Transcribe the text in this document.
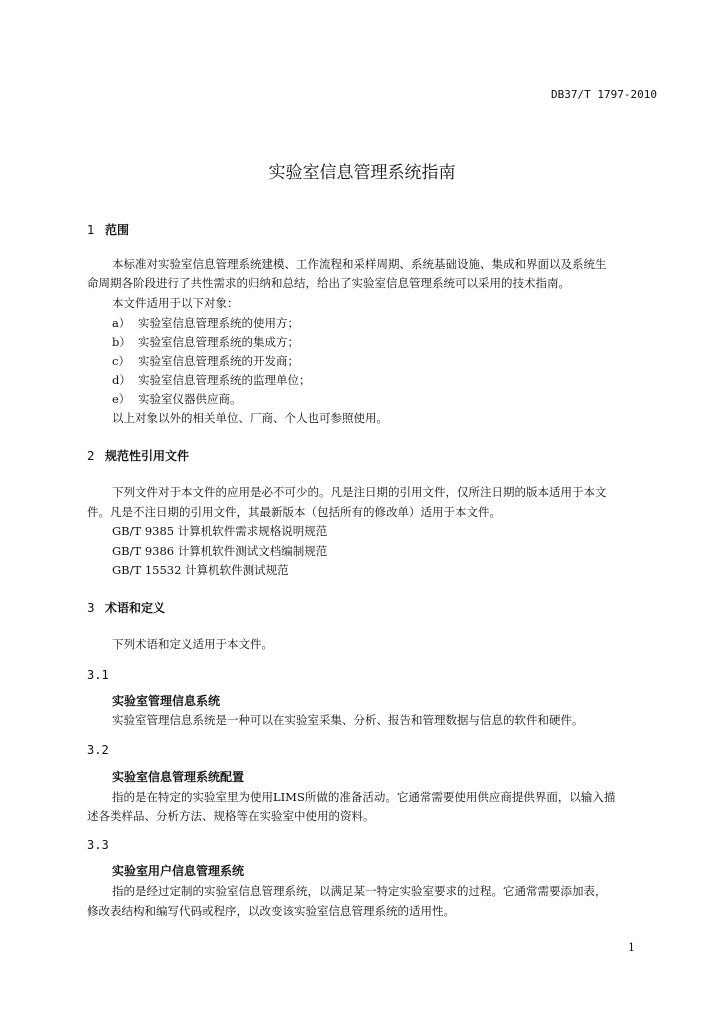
DB37/T 1797-2010
实验室信息管理系统指南
1 范围
本标准对实验室信息管理系统建模、工作流程和采样周期、系统基础设施、集成和界面以及系统生
命周期各阶段进行了共性需求的归纳和总结，给出了实验室信息管理系统可以采用的技术指南。
本文件适用于以下对象：
a） 实验室信息管理系统的使用方；
b） 实验室信息管理系统的集成方；
c） 实验室信息管理系统的开发商；
d） 实验室信息管理系统的监理单位；
e） 实验室仪器供应商。
以上对象以外的相关单位、厂商、个人也可参照使用。
2 规范性引用文件
下列文件对于本文件的应用是必不可少的。凡是注日期的引用文件，仅所注日期的版本适用于本文
件。凡是不注日期的引用文件，其最新版本（包括所有的修改单）适用于本文件。
GB/T 9385 计算机软件需求规格说明规范
GB/T 9386 计算机软件测试文档编制规范
GB/T 15532 计算机软件测试规范
3 术语和定义
下列术语和定义适用于本文件。
3.1
实验室管理信息系统
实验室管理信息系统是一种可以在实验室采集、分析、报告和管理数据与信息的软件和硬件。
3.2
实验室信息管理系统配置
指的是在特定的实验室里为使用LIMS所做的准备活动。它通常需要使用供应商提供界面，以输入描
述各类样品、分析方法、规格等在实验室中使用的资料。
3.3
实验室用户信息管理系统
指的是经过定制的实验室信息管理系统，以满足某一特定实验室要求的过程。它通常需要添加表，
修改表结构和编写代码或程序，以改变该实验室信息管理系统的适用性。
1
